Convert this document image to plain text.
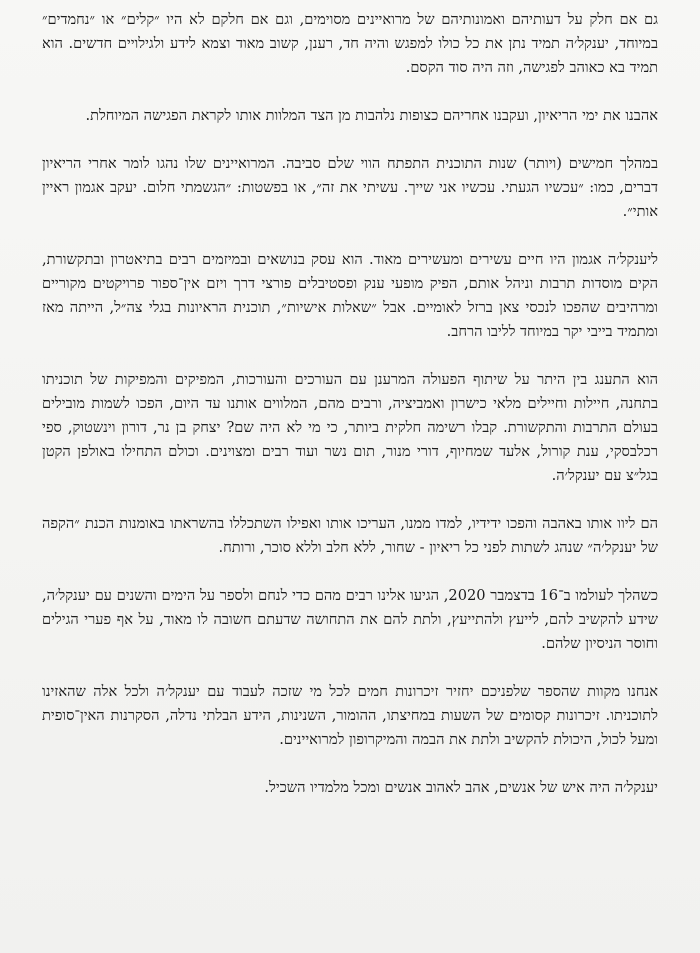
גם אם חלק על דעותיהם ואמונותיהם של מרואיינים מסוימים, וגם אם חלקם לא היו ״קלים״ או ״נחמדים״ במיוחד, יענקל׳ה תמיד נתן את כל כולו למפגש והיה חד, רענן, קשוב מאוד וצמא לידע ולגילויים חדשים. הוא תמיד בא כאוהב לפגישה, וזה היה סוד הקסם.

אהבנו את ימי הריאיון, ועקבנו אחריהם כצופות נלהבות מן הצד המלוות אותו לקראת הפגישה המיוחלת.

במהלך חמישים (ויותר) שנות התוכנית התפתח הווי שלם סביבה. המרואיינים שלו נהגו לומר אחרי הריאיון דברים, כמו: ״עכשיו הגעתי. עכשיו אני שייך. עשיתי את זה״, או בפשטות: ״הגשמתי חלום. יעקב אגמון ראיין אותי״.

ליענקל׳ה אגמון היו חיים עשירים ומעשירים מאוד. הוא עסק בנושאים ובמיזמים רבים בתיאטרון ובתקשורת, הקים מוסדות תרבות וניהל אותם, הפיק מופעי ענק ופסטיבלים פורצי דרך ויזם אין־ספור פרויקטים מקוריים ומרהיבים שהפכו לנכסי צאן ברזל לאומיים. אבל ״שאלות אישיות״, תוכנית הראיונות בגלי צה״ל, הייתה מאז ומתמיד בייבי יקר במיוחד לליבו הרחב.

הוא התענג בין היתר על שיתוף הפעולה המרענן עם העורכים והעורכות, המפיקים והמפיקות של תוכניתו בתחנה, חיילות וחיילים מלאי כישרון ואמביציה, ורבים מהם, המלווים אותנו עד היום, הפכו לשמות מובילים בעולם התרבות והתקשורת. קבלו רשימה חלקית ביותר, כי מי לא היה שם? יצחק בן נר, דורון וינשטוק, ספי רכלבסקי, ענת קורול, אלעד שמחיוף, דורי מנור, תום נשר ועוד רבים ומצוינים. וכולם התחילו באולפן הקטן בגל״צ עם יענקל׳ה.

הם ליוו אותו באהבה והפכו ידידיו, למדו ממנו, העריכו אותו ואפילו השתכללו בהשראתו באומנות הכנת ״הקפה של יענקל׳ה״ שנהג לשתות לפני כל ריאיון - שחור, ללא חלב וללא סוכר, ורותח.

כשהלך לעולמו ב־16 בדצמבר 2020, הגיעו אלינו רבים מהם כדי לנחם ולספר על הימים והשנים עם יענקל׳ה, שידע להקשיב להם, לייעץ ולהתייעץ, ולתת להם את התחושה שדעתם חשובה לו מאוד, על אף פערי הגילים וחוסר הניסיון שלהם.

אנחנו מקוות שהספר שלפניכם יחזיר זיכרונות חמים לכל מי שזכה לעבוד עם יענקל׳ה ולכל אלה שהאזינו לתוכניתו. זיכרונות קסומים של השעות במחיצתו, ההומור, השנינות, הידע הבלתי נדלה, הסקרנות האין־סופית ומעל לכול, היכולת להקשיב ולתת את הבמה והמיקרופון למרואיינים.

יענקל׳ה היה איש של אנשים, אהב לאהוב אנשים ומכל מלמדיו השכיל.
